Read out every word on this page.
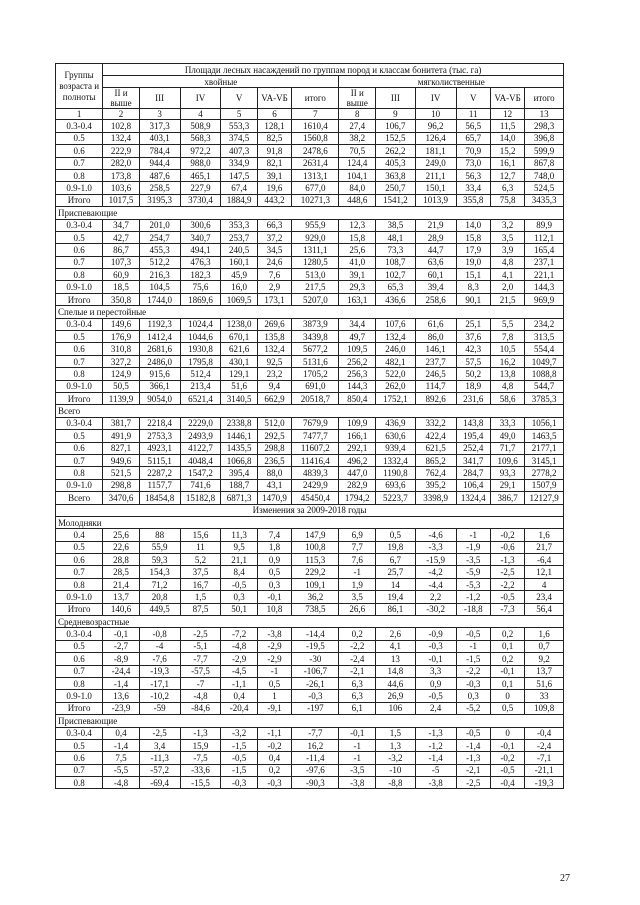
Группы возраста и полноты	Площади лесных насаждений по группам пород и классам бонитета (тыс. га)											
	хвойные						мягколиственные					
	II и выше	III	IV	V	VA-VБ	итого	II и выше	III	IV	V	VA-VБ	итого
1	2	3	4	5	6	7	8	9	10	11	12	13
0.3-0.4	102,8	317,3	508,9	553,3	128,1	1610,4	27,4	106,7	96,2	56,5	11,5	298,3
0.5	132,4	403,1	568,3	374,5	82,5	1560,8	38,2	152,5	126,4	65,7	14,0	396,8
0.6	222,9	784,4	972,2	407,3	91,8	2478,6	70,5	262,2	181,1	70,9	15,2	599,9
0.7	282,0	944,4	988,0	334,9	82,1	2631,4	124,4	405,3	249,0	73,0	16,1	867,8
0.8	173,8	487,6	465,1	147,5	39,1	1313,1	104,1	363,8	211,1	56,3	12,7	748,0
0.9-1.0	103,6	258,5	227,9	67,4	19,6	677,0	84,0	250,7	150,1	33,4	6,3	524,5
Итого	1017,5	3195,3	3730,4	1884,9	443,2	10271,3	448,6	1541,2	1013,9	355,8	75,8	3435,3
Приспевающие												
0.3-0.4	34,7	201,0	300,6	353,3	66,3	955,9	12,3	38,5	21,9	14,0	3,2	89,9
0.5	42,7	254,7	340,7	253,7	37,2	929,0	15,8	48,1	28,9	15,8	3,5	112,1
0.6	86,7	455,3	494,1	240,5	34,5	1311,1	25,6	73,3	44,7	17,9	3,9	165,4
0.7	107,3	512,2	476,3	160,1	24,6	1280,5	41,0	108,7	63,6	19,0	4,8	237,1
0.8	60,9	216,3	182,3	45,9	7,6	513,0	39,1	102,7	60,1	15,1	4,1	221,1
0.9-1.0	18,5	104,5	75,6	16,0	2,9	217,5	29,3	65,3	39,4	8,3	2,0	144,3
Итого	350,8	1744,0	1869,6	1069,5	173,1	5207,0	163,1	436,6	258,6	90,1	21,5	969,9
Спелые и перестойные												
0.3-0.4	149,6	1192,3	1024,4	1238,0	269,6	3873,9	34,4	107,6	61,6	25,1	5,5	234,2
0.5	176,9	1412,4	1044,6	670,1	135,8	3439,8	49,7	132,4	86,0	37,6	7,8	313,5
0.6	310,8	2681,6	1930,8	621,6	132,4	5677,2	109,5	246,0	146,1	42,3	10,5	554,4
0.7	327,2	2486,0	1795,8	430,1	92,5	5131,6	256,2	482,1	237,7	57,5	16,2	1049,7
0.8	124,9	915,6	512,4	129,1	23,2	1705,2	256,3	522,0	246,5	50,2	13,8	1088,8
0.9-1.0	50,5	366,1	213,4	51,6	9,4	691,0	144,3	262,0	114,7	18,9	4,8	544,7
Итого	1139,9	9054,0	6521,4	3140,5	662,9	20518,7	850,4	1752,1	892,6	231,6	58,6	3785,3
Всего												
0.3-0.4	381,7	2218,4	2229,0	2338,8	512,0	7679,9	109,9	436,9	332,2	143,8	33,3	1056,1
0.5	491,9	2753,3	2493,9	1446,1	292,5	7477,7	166,1	630,6	422,4	195,4	49,0	1463,5
0.6	827,1	4923,1	4122,7	1435,5	298,8	11607,2	292,1	939,4	621,5	252,4	71,7	2177,1
0.7	949,6	5115,1	4048,4	1066,8	236,5	11416,4	496,2	1332,4	865,2	341,7	109,6	3145,1
0.8	521,5	2287,2	1547,2	395,4	88,0	4839,3	447,0	1190,8	762,4	284,7	93,3	2778,2
0.9-1.0	298,8	1157,7	741,6	188,7	43,1	2429,9	282,9	693,6	395,2	106,4	29,1	1507,9
Всего	3470,6	18454,8	15182,8	6871,3	1470,9	45450,4	1794,2	5223,7	3398,9	1324,4	386,7	12127,9
Изменения за 2009-2018 годы												
Молодняки												
0.4	25,6	88	15,6	11,3	7,4	147,9	6,9	0,5	-4,6	-1	-0,2	1,6
0.5	22,6	55,9	11	9,5	1,8	100,8	7,7	19,8	-3,3	-1,9	-0,6	21,7
0.6	28,8	59,3	5,2	21,1	0,9	115,3	7,6	6,7	-15,9	-3,5	-1,3	-6,4
0.7	28,5	154,3	37,5	8,4	0,5	229,2	-1	25,7	-4,2	-5,9	-2,5	12,1
0.8	21,4	71,2	16,7	-0,5	0,3	109,1	1,9	14	-4,4	-5,3	-2,2	4
0.9-1.0	13,7	20,8	1,5	0,3	-0,1	36,2	3,5	19,4	2,2	-1,2	-0,5	23,4
Итого	140,6	449,5	87,5	50,1	10,8	738,5	26,6	86,1	-30,2	-18,8	-7,3	56,4
Средневозрастные												
0.3-0.4	-0,1	-0,8	-2,5	-7,2	-3,8	-14,4	0,2	2,6	-0,9	-0,5	0,2	1,6
0.5	-2,7	-4	-5,1	-4,8	-2,9	-19,5	-2,2	4,1	-0,3	-1	0,1	0,7
0.6	-8,9	-7,6	-7,7	-2,9	-2,9	-30	-2,4	13	-0,1	-1,5	0,2	9,2
0.7	-24,4	-19,3	-57,5	-4,5	-1	-106,7	-2,1	14,8	3,3	-2,2	-0,1	13,7
0.8	-1,4	-17,1	-7	-1,1	0,5	-26,1	6,3	44,6	0,9	-0,3	0,1	51,6
0.9-1.0	13,6	-10,2	-4,8	0,4	1	-0,3	6,3	26,9	-0,5	0,3	0	33
Итого	-23,9	-59	-84,6	-20,4	-9,1	-197	6,1	106	2,4	-5,2	0,5	109,8
Приспевающие												
0.3-0.4	0,4	-2,5	-1,3	-3,2	-1,1	-7,7	-0,1	1,5	-1,3	-0,5	0	-0,4
0.5	-1,4	3,4	15,9	-1,5	-0,2	16,2	-1	1,3	-1,2	-1,4	-0,1	-2,4
0.6	7,5	-11,3	-7,5	-0,5	0,4	-11,4	-1	-3,2	-1,4	-1,3	-0,2	-7,1
0.7	-5,5	-57,2	-33,6	-1,5	0,2	-97,6	-3,5	-10	-5	-2,1	-0,5	-21,1
0.8	-4,8	-69,4	-15,5	-0,3	-0,3	-90,3	-3,8	-8,8	-3,8	-2,5	-0,4	-19,3
27
